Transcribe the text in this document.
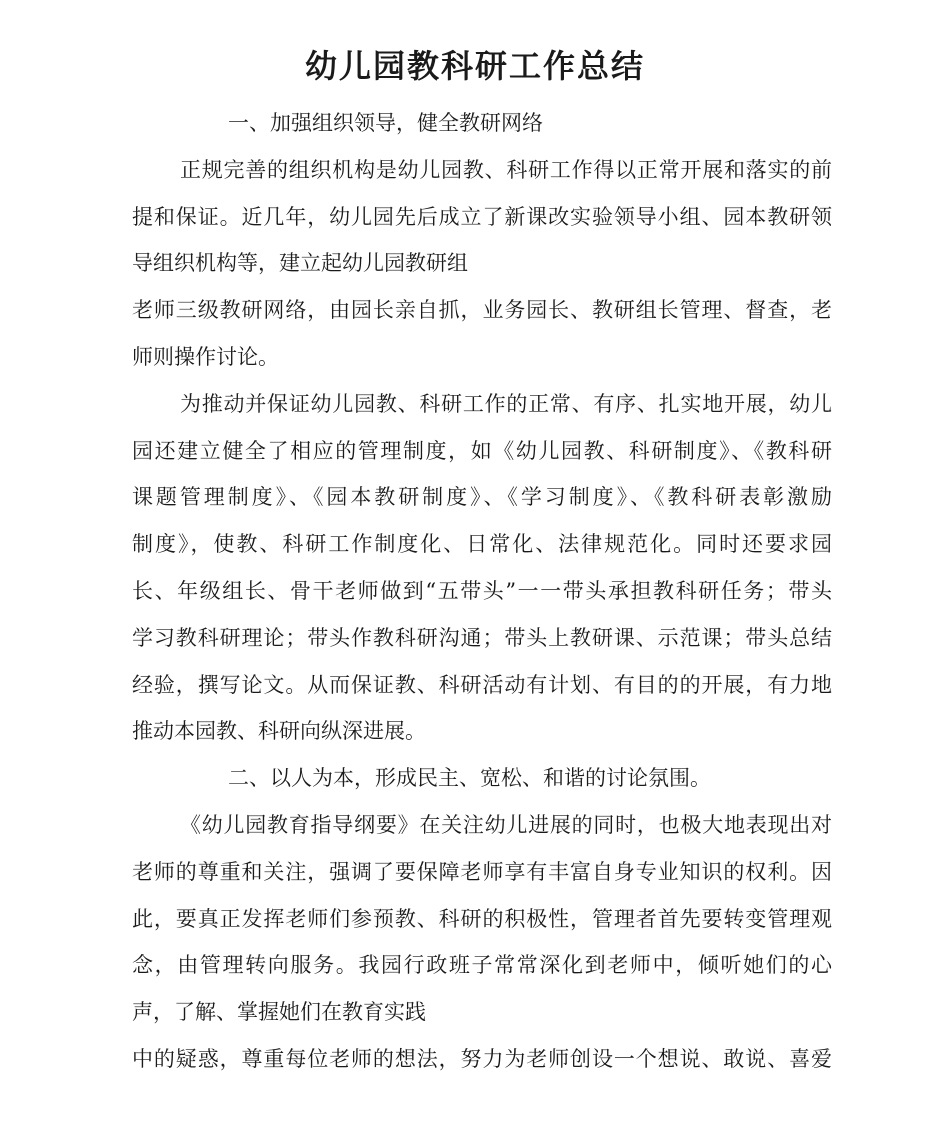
幼儿园教科研工作总结
一、加强组织领导，健全教研网络
正规完善的组织机构是幼儿园教、科研工作得以正常开展和落实的前
提和保证。近几年，幼儿园先后成立了新课改实验领导小组、园本教研领
导组织机构等，建立起幼儿园教研组
老师三级教研网络，由园长亲自抓，业务园长、教研组长管理、督查，老
师则操作讨论。
为推动并保证幼儿园教、科研工作的正常、有序、扎实地开展，幼儿
园还建立健全了相应的管理制度，如《幼儿园教、科研制度》、《教科研
课题管理制度》、《园本教研制度》、《学习制度》、《教科研表彰激励
制度》，使教、科研工作制度化、日常化、法律规范化。同时还要求园
长、年级组长、骨干老师做到“五带头”一一带头承担教科研任务；带头
学习教科研理论；带头作教科研沟通；带头上教研课、示范课；带头总结
经验，撰写论文。从而保证教、科研活动有计划、有目的的开展，有力地
推动本园教、科研向纵深进展。
二、以人为本，形成民主、宽松、和谐的讨论氛围。
《幼儿园教育指导纲要》在关注幼儿进展的同时，也极大地表现出对
老师的尊重和关注，强调了要保障老师享有丰富自身专业知识的权利。因
此，要真正发挥老师们参预教、科研的积极性，管理者首先要转变管理观
念，由管理转向服务。我园行政班子常常深化到老师中，倾听她们的心
声，了解、掌握她们在教育实践
中的疑惑，尊重每位老师的想法，努力为老师创设一个想说、敢说、喜爱
